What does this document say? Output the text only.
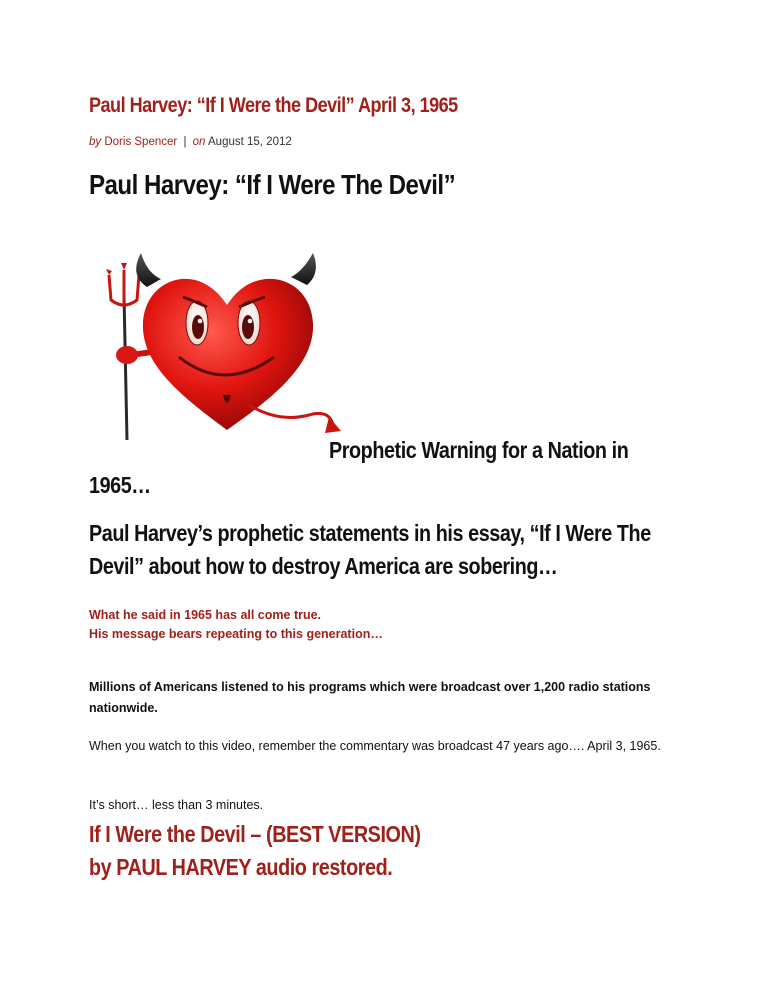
Paul Harvey: “If I Were the Devil” April 3, 1965
by Doris Spencer | on August 15, 2012
Paul Harvey: “If I Were The Devil”
Prophetic Warning for a Nation in
1965…
Paul Harvey’s prophetic statements in his essay, “If I Were The Devil” about how to destroy America are sobering…
What he said in 1965 has all come true.
His message bears repeating to this generation…

Millions of Americans listened to his programs which were broadcast over 1,200 radio stations nationwide.

When you watch to this video, remember the commentary was broadcast 47 years ago…. April 3, 1965.

It’s short… less than 3 minutes.

If I Were the Devil – (BEST VERSION)
by PAUL HARVEY audio restored.
